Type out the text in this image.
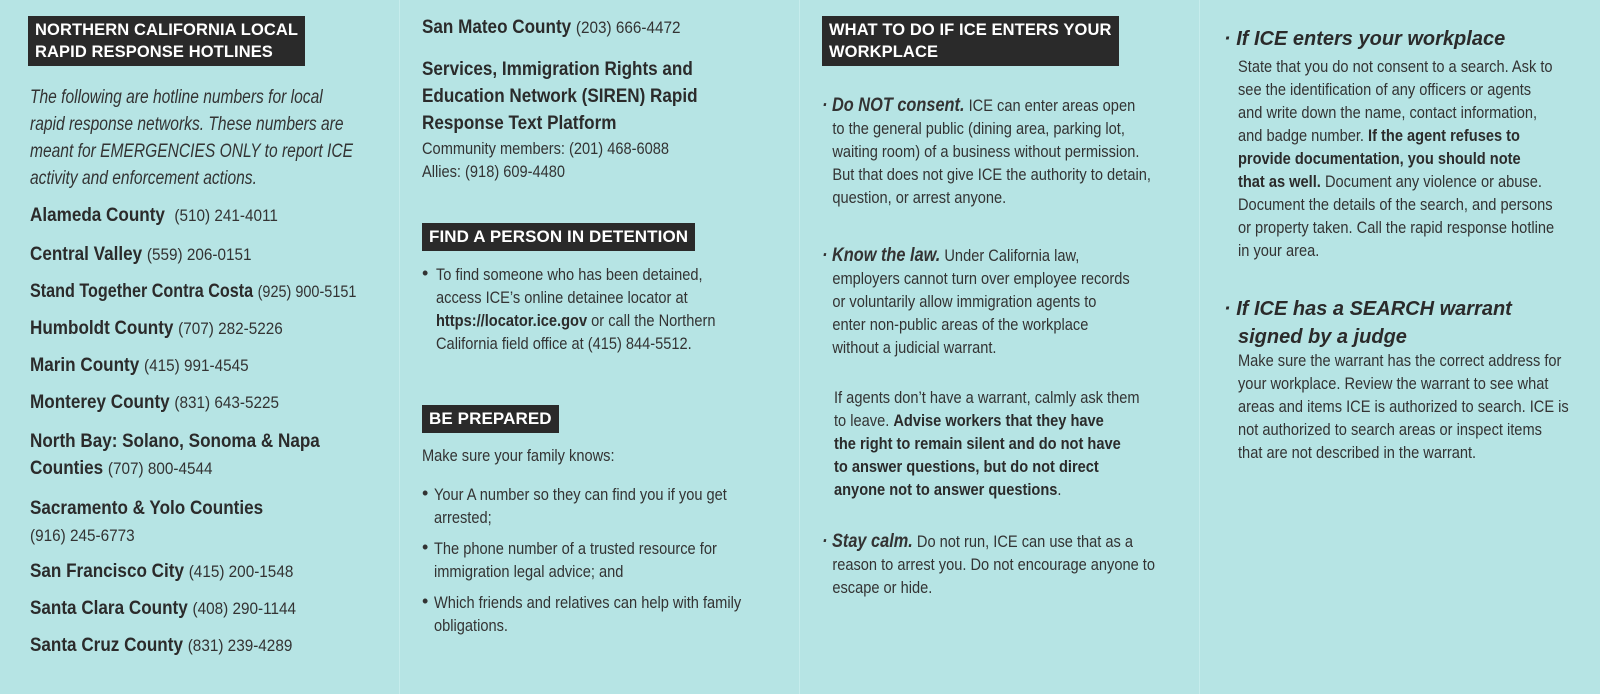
NORTHERN CALIFORNIA LOCAL
RAPID RESPONSE HOTLINES
The following are hotline numbers for local
rapid response networks. These numbers are
meant for EMERGENCIES ONLY to report ICE
activity and enforcement actions.
Alameda County (510) 241-4011
Central Valley (559) 206-0151
Stand Together Contra Costa (925) 900-5151
Humboldt County (707) 282-5226
Marin County (415) 991-4545
Monterey County (831) 643-5225
North Bay: Solano, Sonoma & Napa
Counties (707) 800-4544
Sacramento & Yolo Counties
(916) 245-6773
San Francisco City (415) 200-1548
Santa Clara County (408) 290-1144
Santa Cruz County (831) 239-4289
San Mateo County (203) 666-4472
Services, Immigration Rights and
Education Network (SIREN) Rapid
Response Text Platform
Community members: (201) 468-6088
Allies: (918) 609-4480
FIND A PERSON IN DETENTION
• To find someone who has been detained,
access ICE’s online detainee locator at
https://locator.ice.gov or call the Northern
California field office at (415) 844-5512.
BE PREPARED
Make sure your family knows:
• Your A number so they can find you if you get
arrested;
• The phone number of a trusted resource for
immigration legal advice; and
• Which friends and relatives can help with family
obligations.
WHAT TO DO IF ICE ENTERS YOUR
WORKPLACE
· Do NOT consent. ICE can enter areas open
to the general public (dining area, parking lot,
waiting room) of a business without permission.
But that does not give ICE the authority to detain,
question, or arrest anyone.
· Know the law. Under California law,
employers cannot turn over employee records
or voluntarily allow immigration agents to
enter non-public areas of the workplace
without a judicial warrant.
If agents don’t have a warrant, calmly ask them
to leave. Advise workers that they have
the right to remain silent and do not have
to answer questions, but do not direct
anyone not to answer questions.
· Stay calm. Do not run, ICE can use that as a
reason to arrest you. Do not encourage anyone to
escape or hide.
· If ICE enters your workplace
State that you do not consent to a search. Ask to
see the identification of any officers or agents
and write down the name, contact information,
and badge number. If the agent refuses to
provide documentation, you should note
that as well. Document any violence or abuse.
Document the details of the search, and persons
or property taken. Call the rapid response hotline
in your area.
· If ICE has a SEARCH warrant
signed by a judge
Make sure the warrant has the correct address for
your workplace. Review the warrant to see what
areas and items ICE is authorized to search. ICE is
not authorized to search areas or inspect items
that are not described in the warrant.
